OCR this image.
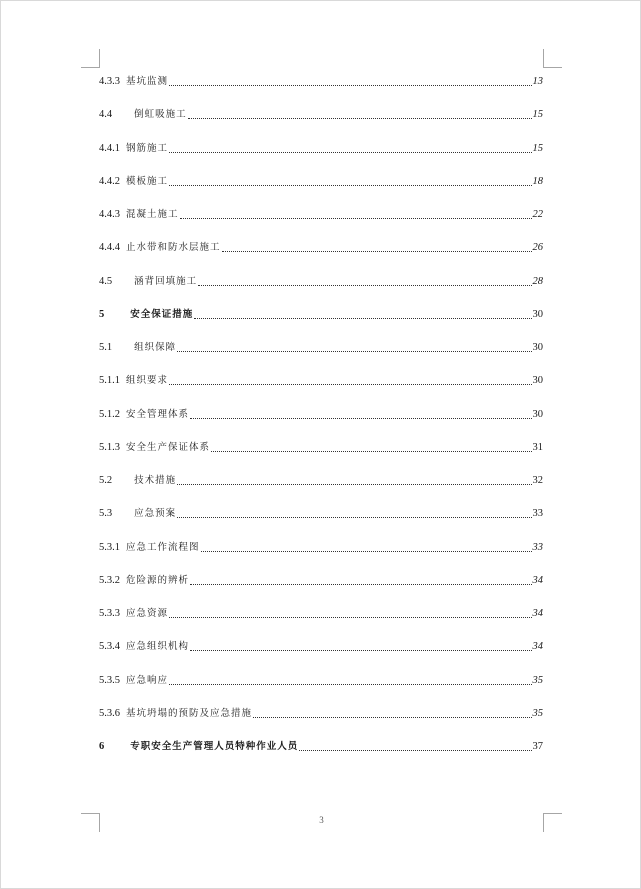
4.3.3 基坑监测	13
4.4 倒虹吸施工	15
4.4.1 钢筋施工	15
4.4.2 模板施工	18
4.4.3 混凝土施工	22
4.4.4 止水带和防水层施工	26
4.5 涵背回填施工	28
5	安全保证措施	30
5.1 组织保障	30
5.1.1 组织要求	30
5.1.2 安全管理体系	30
5.1.3 安全生产保证体系	31
5.2 技术措施	32
5.3 应急预案	33
5.3.1 应急工作流程图	33
5.3.2 危险源的辨析	34
5.3.3 应急资源	34
5.3.4 应急组织机构	34
5.3.5 应急响应	35
5.3.6 基坑坍塌的预防及应急措施	35
6	专职安全生产管理人员特种作业人员	37
3
